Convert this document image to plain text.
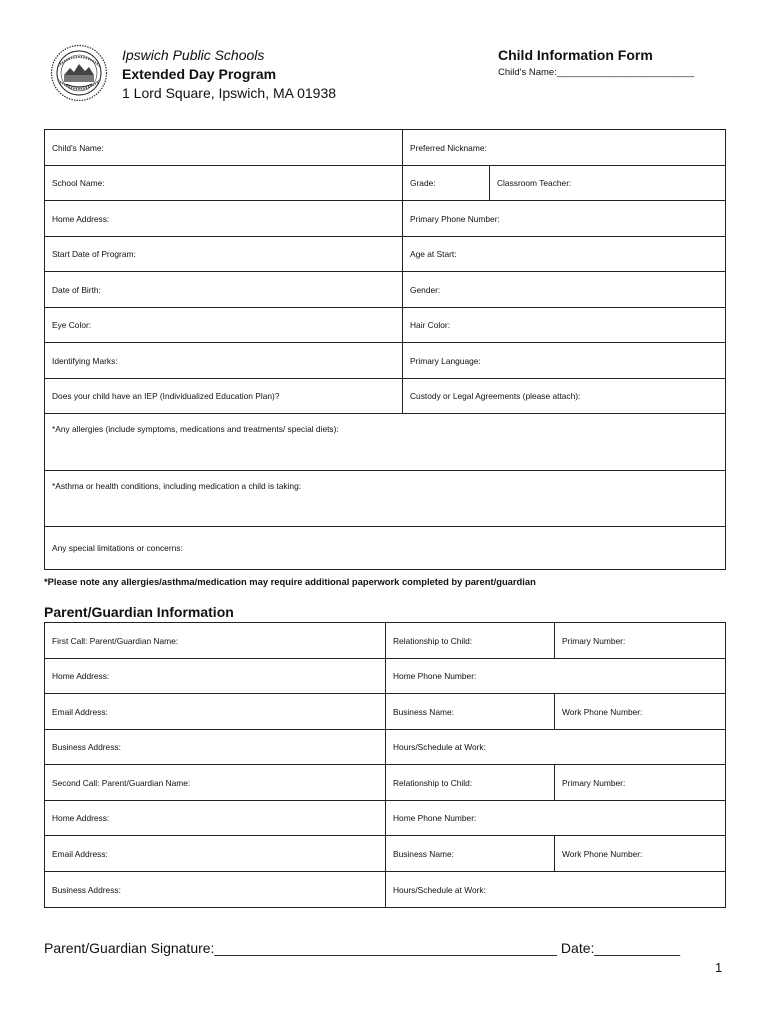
Ipswich Public Schools
Extended Day Program
1 Lord Square, Ipswich, MA 01938
Child Information Form
Child's Name:__________________________
Child's Name:	Preferred Nickname:	
School Name:	Grade:	Classroom Teacher:
Home Address:	Primary Phone Number:	
Start Date of Program:	Age at Start:	
Date of Birth:	Gender:	
Eye Color:	Hair Color:	
Identifying Marks:	Primary Language:	
Does your child have an IEP (Individualized Education Plan)?	Custody or Legal Agreements (please attach):	
*Any allergies (include symptoms, medications and treatments/ special diets):		
*Asthma or health conditions, including medication a child is taking:		
Any special limitations or concerns:		
*Please note any allergies/asthma/medication may require additional paperwork completed by parent/guardian
Parent/Guardian Information
First Call: Parent/Guardian Name:	Relationship to Child:	Primary Number:
Home Address:	Home Phone Number:	
Email Address:	Business Name:	Work Phone Number:
Business Address:	Hours/Schedule at Work:	
Second Call: Parent/Guardian Name:	Relationship to Child:	Primary Number:
Home Address:	Home Phone Number:	
Email Address:	Business Name:	Work Phone Number:
Business Address:	Hours/Schedule at Work:	
Parent/Guardian Signature:____________________________________________ Date:___________
1
